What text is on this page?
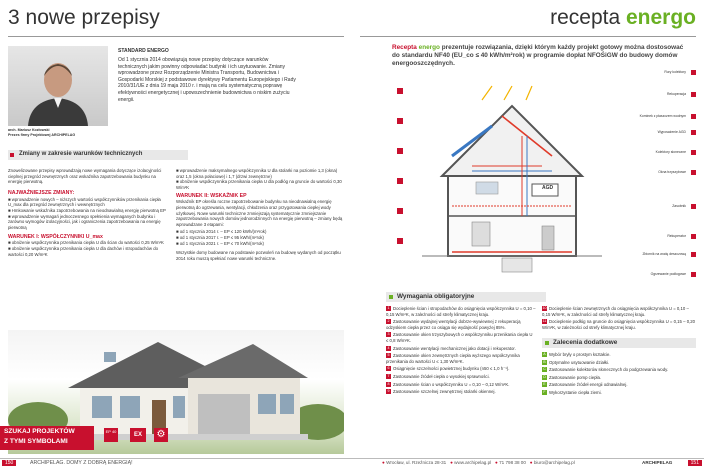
3 nowe przepisy
arch. Mariusz Kozłowski
Prezes firmy Projektowej ARCHIPELAG
STANDARD ENERGO
Od 1 stycznia 2014 obowiązują nowe przepisy dotyczące warunków technicznych jakim powinny odpowiadać budynki i ich usytuowanie. Zmiany wprowadzone przez Rozporządzenie Ministra Transportu, Budownictwa i Gospodarki Morskiej z podstawowe dyrektywy Parlamentu Europejskiego i Rady 2010/31/UE z dnia 19 maja 2010 r. i mają na celu systematyczną poprawę efektywności energetycznej i upowszechnienie budownictwa o niskim zużyciu energii.
Zmiany w zakresie warunków technicznych
Znowelizowane przepisy wprowadzają nowe wymagania dotyczące izolacyjności cieplnej przegród zewnętrznych oraz wskaźnika zapotrzebowania budynku na energię pierwotną.
NAJWAŻNIEJSZE ZMIANY:
■ wprowadzenie nowych – niższych wartości współczynników przenikania ciepła U_max dla przegród zewnętrznych i wewnętrznych
■ Hmkowanie wskaźnika zapotrzebowania na nieodnawialną energię pierwotną EP
■ wprowadzenie wymagań jednoczesnego spełnienia wymaganych budynku i zarówno wymogów izolacyjności, jak i ograniczenia zapotrzebowania na energię pierwotną
WARUNEK I: WSPÓŁCZYNNIKI U_max
■ obniżenie współczynnika przenikania ciepła U dla ścian do wartości 0,25 W/m²K
■ obniżenie współczynnika przenikania ciepła U dla dachów i stropodachów do wartości 0,20 W/m²K
■ wprowadzenie maksymalnego współczynnika U dla stolarki na poziomie 1,3 (okna) oraz 1,5 (okna połaciowe) i 1,7 (drzwi zewnętrzne)
■ obniżenie współczynnika przenikania ciepła U dla podłóg na gruncie do wartości 0,30 W/m²K
WARUNEK II: WSKAŹNIK EP
Wskaźnik EP określa roczne zapotrzebowanie budynku na nieodnawialną energię pierwotną do ogrzewania, wentylacji, chłodzenia oraz przygotowania ciepłej wody użytkowej. Nowe warunki techniczne zmniejszają systematycznie zmniejszanie zapotrzebowania nowych domów jednorodzinnych na energię pierwotną – zmiany będą wprowadzane 3 etapami:
■ od 1 stycznia 2014 r. – EP ≤ 120 kWh/(m²rok)
■ od 1 stycznia 2017 r. – EP ≤ 95 kWh/(m²rok)
■ od 1 stycznia 2021 r. – EP ≤ 70 kWh/(m²rok)
Wszystkie domy budowane na podstawie pozwoleń na budowę wydanych od początku 2014 roku muszą spełniać nowe warunki techniczne.
SZUKAJ PROJEKTÓW
Z TYMI SYMBOLAMI
EP 40
EX	⚙
150	ARCHIPELAG. DOMY Z DOBRĄ ENERGIĄ!
recepta energo
Recepta energo prezentuje rozwiązania, dzięki którym każdy projekt gotowy można dostosować do standardu NF40 (EU_co ≤ 40 kWh/m²rok) w programie dopłat NFOŚiGW do budowy domów energooszczędnych.
AGD
Rury kolektory
Rekuperacja
Kominek z płaszczem wodnym
Wyposażenie AGD
Kolektory słoneczne
Okna trzyszybowe
Zasobnik
Rekuperator
Zbiornik na wodę deszczową
Ogrzewanie podłogowe
Wymagania obligatoryjne
1 Docieplenie ścian i stropodachów do osiągnięcia współczynnika U = 0,10 – 0,15 W/m²K, w zależności od strefy klimatycznej kraju.
2 Zastosowanie wydajnej wentylacji dobrze-wywiewnej z rekuperacją odzyskiem ciepła przez co osiąga się wydajność powyżej 85%.
3 Zastosowanie okien trzyszybowych o współczynniku przenikania ciepła U ≤ 0,8 W/m²K.
4 Zastosowanie wentylacji mechanicznej jako dotacji i rekuperator.
5 Zastosowanie okien zewnętrznych ciepła wyższego współczynnika przenikania do wartości U ≤ 1,30 W/m²K.
6 Osiągnięcie szczelności powietrznej budynku (n50 ≤ 1,0 h⁻¹).
7 Zastosowanie źródeł ciepła o wysokiej sprawności.
8 Zastosowanie ścian o współczynniku U = 0,10 – 0,12 W/m²K.
9 Zastosowanie szczelnej zewnętrznej stolarki okiennej.
10 Docieplenie ścian zewnętrznych do osiągnięcia współczynnika U = 0,10 – 0,15 W/m²K, w zależności od strefy klimatycznej kraju.
11 Docieplenie podłóg na gruncie do osiągnięcia współczynnika U = 0,15 – 0,20 W/m²K, w zależności od strefy klimatycznej kraju.
Zalecenia dodatkowe
A Wybór bryły o prostym kształcie.
B Optymalne usytuowanie działki.
C Zastosowanie kolektorów słonecznych do podgrzewania wody.
D Zastosowanie pomp ciepła.
E Zastosowanie źródeł energii odnawialnej.
F Wykorzystanie ciepła ziemi.
● Wrocław, ul. Rzeźnicza 28-31 ● www.archipelag.pl ● 71 798 38 00 ● biuro@archipelag.pl	ARCHIPELAG	151
